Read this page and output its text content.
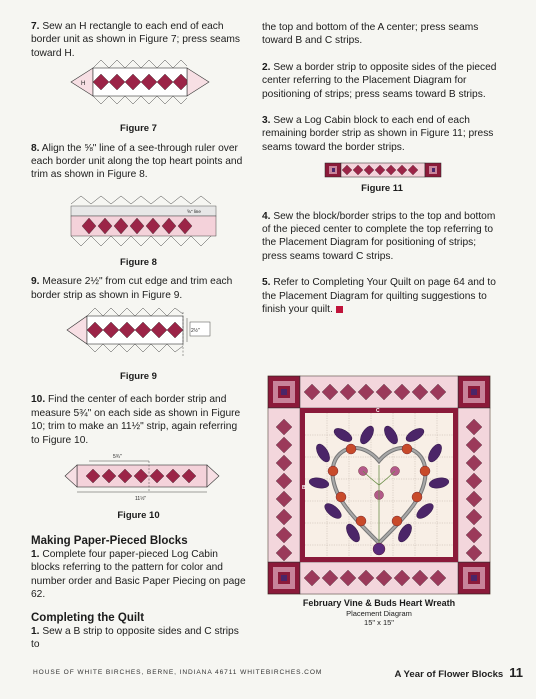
7. Sew an H rectangle to each end of each border unit as shown in Figure 7; press seams toward H.

H

Figure 7

8. Align the ⅝" line of a see-through ruler over each border unit along the top heart points and trim as shown in Figure 8.

⅝" line

Figure 8

9. Measure 2½" from cut edge and trim each border strip as shown in Figure 9.

2½"

Figure 9

10. Find the center of each border strip and measure 5¾" on each side as shown in Figure 10; trim to make an 11½" strip, again referring to Figure 10.

5¾"
11½"

Figure 10

Making Paper-Pieced Blocks

1. Complete four paper-pieced Log Cabin blocks referring to the pattern for color and number order and Basic Paper Piecing on page 62.

Completing the Quilt

1. Sew a B strip to opposite sides and C strips to

the top and bottom of the A center; press seams toward B and C strips.

2. Sew a border strip to opposite sides of the pieced center referring to the Placement Diagram for positioning of strips; press seams toward B strips.

3. Sew a Log Cabin block to each end of each remaining border strip as shown in Figure 11; press seams toward the border strips.

Figure 11

4. Sew the block/border strips to the top and bottom of the pieced center to complete the top referring to the Placement Diagram for positioning of strips; press seams toward C strips.

5. Refer to Completing Your Quilt on page 64 and to the Placement Diagram for quilting suggestions to finish your quilt.

B
C

February Vine & Buds Heart Wreath

Placement Diagram

15" x 15"

HOUSE OF WHITE BIRCHES, BERNE, INDIANA 46711 WHITEBIRCHES.COM	A Year of Flower Blocks 11
